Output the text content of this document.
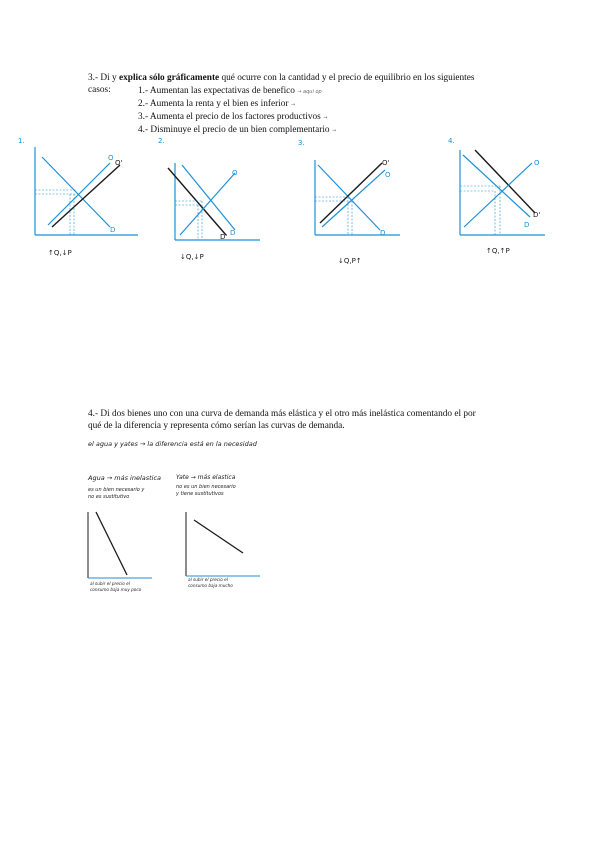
3.- Di y explica sólo gráficamente qué ocurre con la cantidad y el precio de equilibrio en los siguientes
casos:	1.- Aumentan las expectativas de benefico → aqui op
2.- Aumenta la renta y el bien es inferior →
3.- Aumenta el precio de los factores productivos →
4.- Disminuye el precio de un bien complementario →
1.
O
O'
D
↑Q,↓P
2.
O
D
D'
↓Q,↓P
3.
O
O'
D
↓Q,P↑
4.
O
D
D'
↑Q,↑P
4.- Di dos bienes uno con una curva de demanda más elástica y el otro más inelástica comentando el por
qué de la diferencia y representa cómo serían las curvas de demanda.
el agua y yates → la diferencia está en la necesidad
Agua → más inelastica
es un bien necesario y
no es sustitutivo
al subir el precio el
consumo baja muy poco
Yate → más elastica
no es un bien necesario
y tiene sustitutivos
al subir el precio el
consumo baja mucho
